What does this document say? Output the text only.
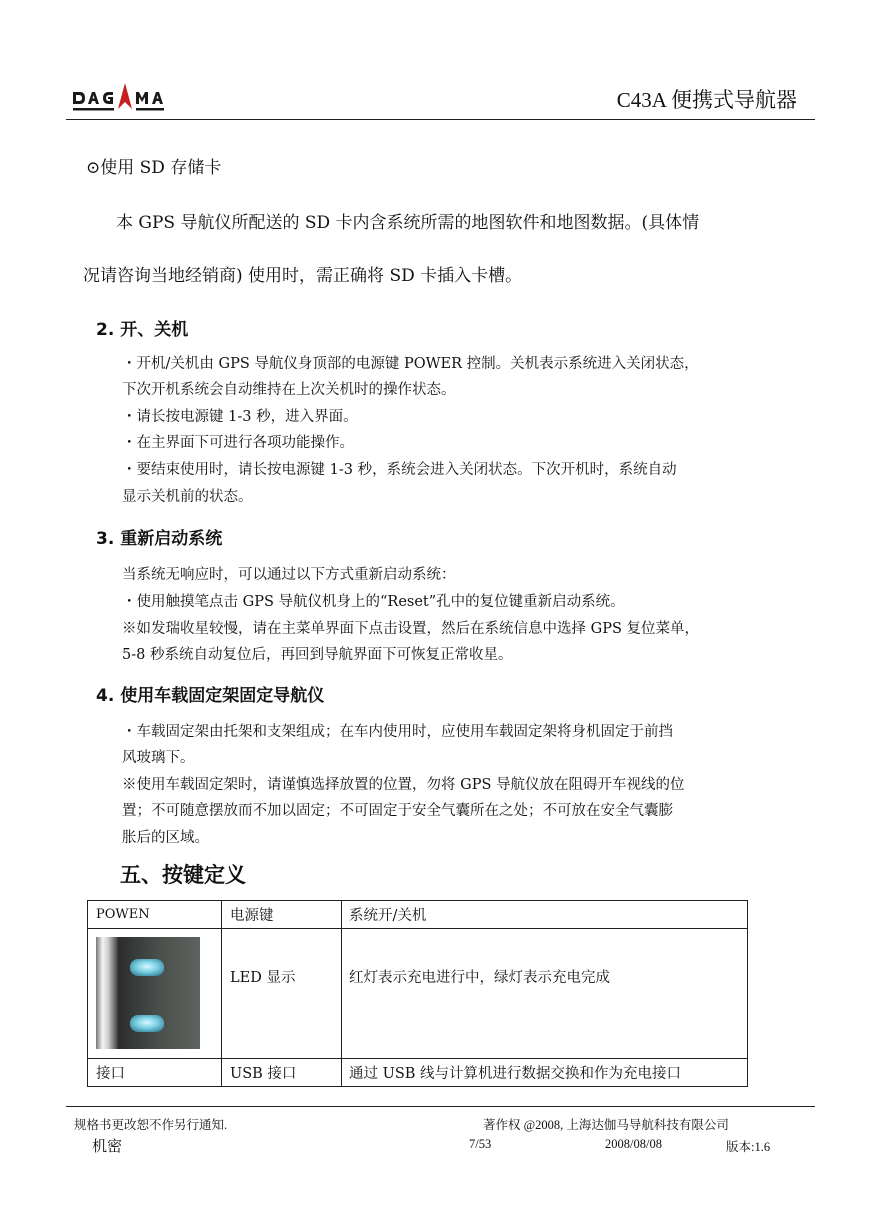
C43A 便携式导航器
⊙使用 SD 存储卡
本 GPS 导航仪所配送的 SD 卡内含系统所需的地图软件和地图数据。(具体情
况请咨询当地经销商) 使用时，需正确将 SD 卡插入卡槽。
2. 开、关机
・开机/关机由 GPS 导航仪身顶部的电源键 POWER 控制。关机表示系统进入关闭状态，
下次开机系统会自动维持在上次关机时的操作状态。
・请长按电源键 1-3 秒，进入界面。
・在主界面下可进行各项功能操作。
・要结束使用时，请长按电源键 1-3 秒，系统会进入关闭状态。下次开机时，系统自动
显示关机前的状态。
3. 重新启动系统
当系统无响应时，可以通过以下方式重新启动系统：
・使用触摸笔点击 GPS 导航仪机身上的“Reset”孔中的复位键重新启动系统。
※如发瑞收星较慢，请在主菜单界面下点击设置，然后在系统信息中选择 GPS 复位菜单，
5-8 秒系统自动复位后，再回到导航界面下可恢复正常收星。
4. 使用车载固定架固定导航仪
・车载固定架由托架和支架组成；在车内使用时，应使用车载固定架将身机固定于前挡
风玻璃下。
※使用车载固定架时，请谨慎选择放置的位置，勿将 GPS 导航仪放在阻碍开车视线的位
置；不可随意摆放而不加以固定；不可固定于安全气囊所在之处；不可放在安全气囊膨
胀后的区域。
五、按键定义
POWEN	电源键	系统开/关机

	LED 显示	红灯表示充电进行中，绿灯表示充电完成
接口	USB 接口	通过 USB 线与计算机进行数据交换和作为充电接口
规格书更改恕不作另行通知.	著作权 @2008, 上海达伽马导航科技有限公司
机密	7/53	2008/08/08	版本:1.6
